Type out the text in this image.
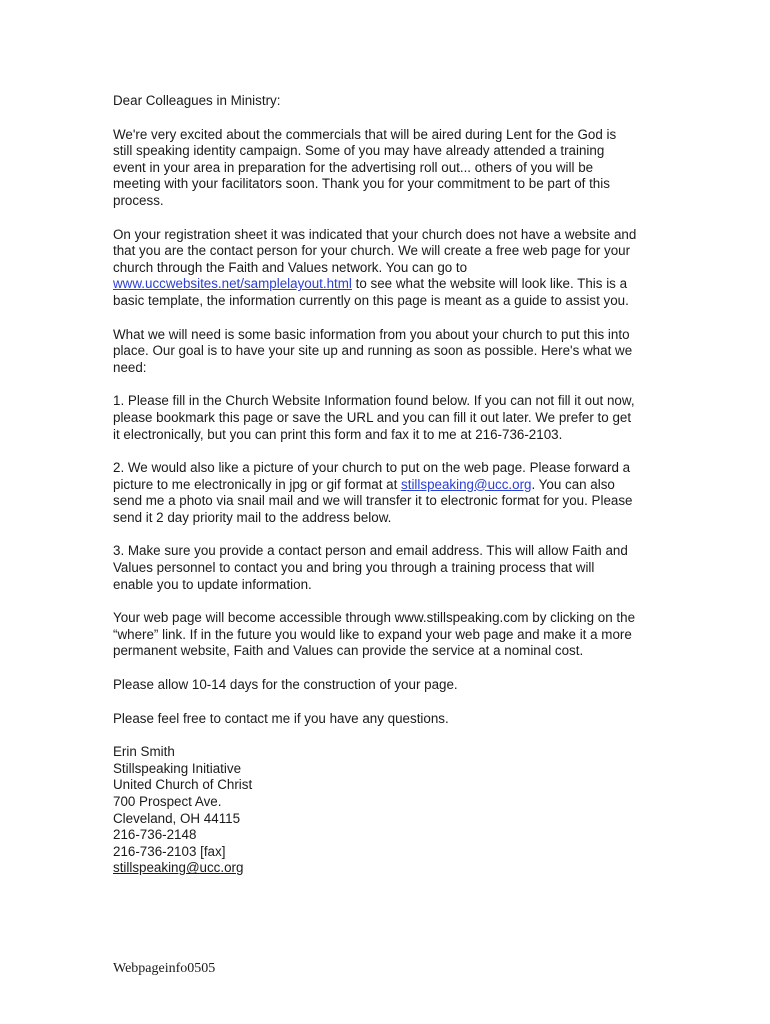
Dear Colleagues in Ministry:

We're very excited about the commercials that will be aired during Lent for the God is
still speaking identity campaign. Some of you may have already attended a training
event in your area in preparation for the advertising roll out... others of you will be
meeting with your facilitators soon. Thank you for your commitment to be part of this
process.

On your registration sheet it was indicated that your church does not have a website and
that you are the contact person for your church. We will create a free web page for your
church through the Faith and Values network. You can go to
www.uccwebsites.net/samplelayout.html to see what the website will look like. This is a
basic template, the information currently on this page is meant as a guide to assist you.

What we will need is some basic information from you about your church to put this into
place. Our goal is to have your site up and running as soon as possible. Here's what we
need:

1. Please fill in the Church Website Information found below. If you can not fill it out now,
please bookmark this page or save the URL and you can fill it out later. We prefer to get
it electronically, but you can print this form and fax it to me at 216-736-2103.

2. We would also like a picture of your church to put on the web page. Please forward a
picture to me electronically in jpg or gif format at stillspeaking@ucc.org. You can also
send me a photo via snail mail and we will transfer it to electronic format for you. Please
send it 2 day priority mail to the address below.

3. Make sure you provide a contact person and email address. This will allow Faith and
Values personnel to contact you and bring you through a training process that will
enable you to update information.

Your web page will become accessible through www.stillspeaking.com by clicking on the
“where” link. If in the future you would like to expand your web page and make it a more
permanent website, Faith and Values can provide the service at a nominal cost.

Please allow 10-14 days for the construction of your page.

Please feel free to contact me if you have any questions.

Erin Smith
Stillspeaking Initiative
United Church of Christ
700 Prospect Ave.
Cleveland, OH 44115
216-736-2148
216-736-2103 [fax]
stillspeaking@ucc.org
Webpageinfo0505
